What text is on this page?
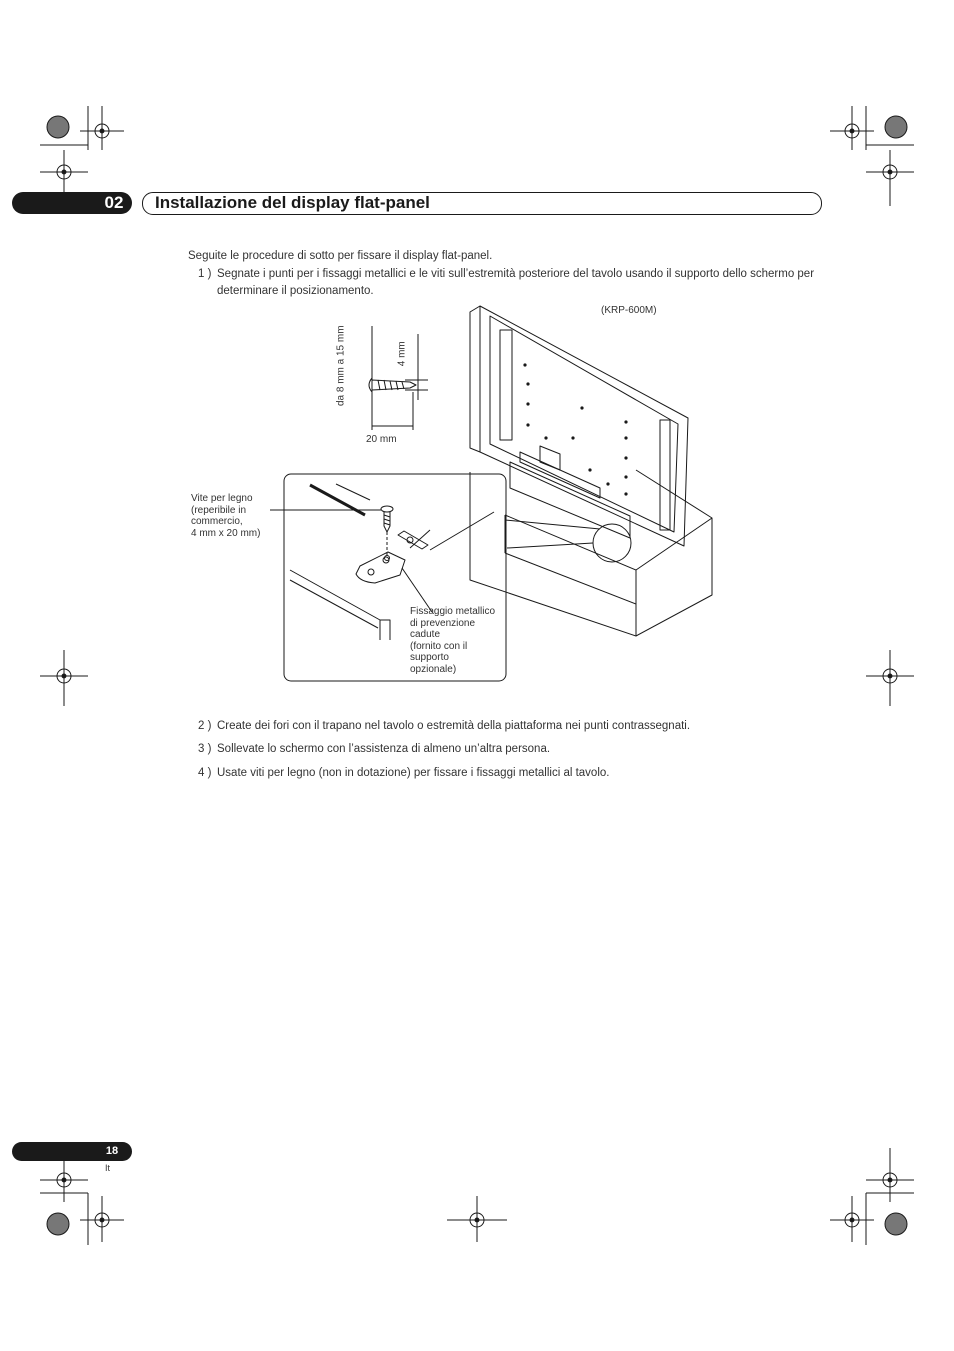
02	Installazione del display flat-panel
Seguite le procedure di sotto per fissare il display flat-panel.
1 ) Segnate i punti per i fissaggi metallici e le viti sull’estremità posteriore del tavolo usando il supporto dello schermo per determinare il posizionamento.
(KRP-600M)
da 8 mm a 15 mm	4 mm
20 mm
Vite per legno
(reperibile in
commercio,
4 mm x 20 mm)
Fissaggio metallico
di prevenzione
cadute
(fornito con il
supporto
opzionale)
2 ) Create dei fori con il trapano nel tavolo o estremità della piattaforma nei punti contrassegnati.
3 ) Sollevate lo schermo con l’assistenza di almeno un’altra persona.
4 ) Usate viti per legno (non in dotazione) per fissare i fissaggi metallici al tavolo.
18
It
